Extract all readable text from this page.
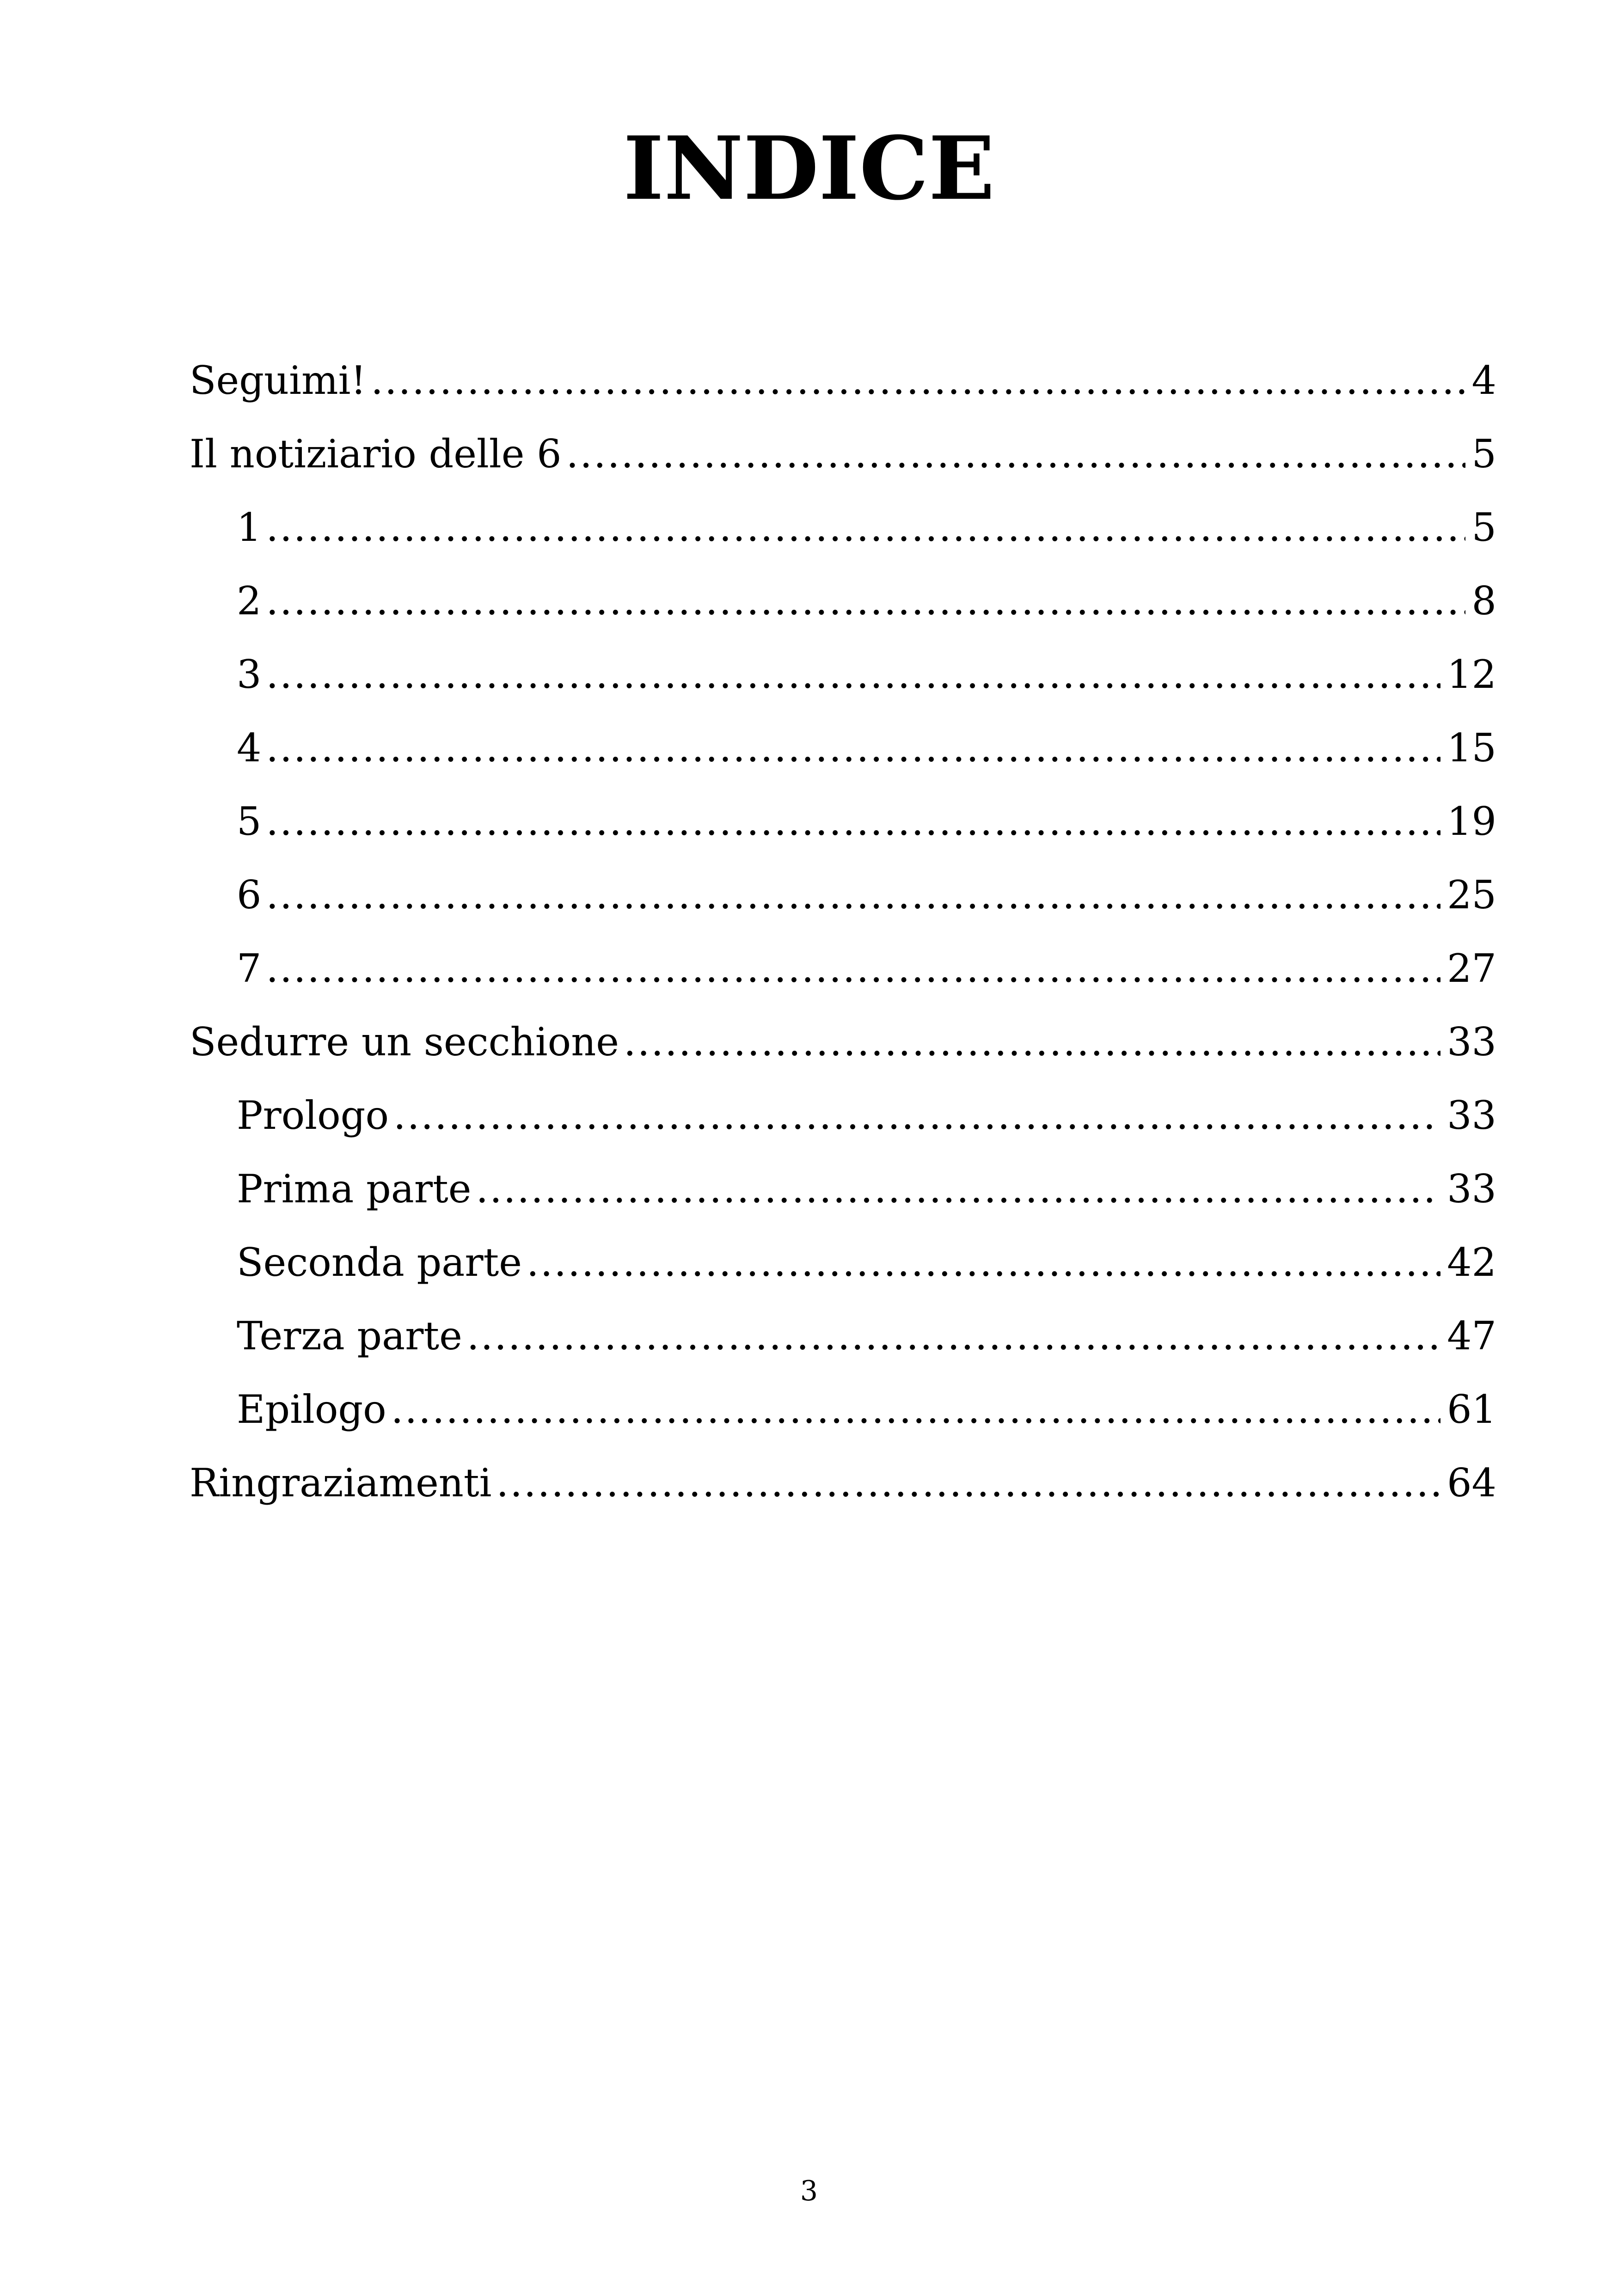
INDICE
Seguimi! .....	4
Il notiziario delle 6 .....	5
1 .....	5
2 .....	8
3 .....	12
4 .....	15
5 .....	19
6 .....	25
7 .....	27
Sedurre un secchione .....	33
Prologo .....	33
Prima parte .....	33
Seconda parte .....	42
Terza parte .....	47
Epilogo .....	61
Ringraziamenti .....	64
3
